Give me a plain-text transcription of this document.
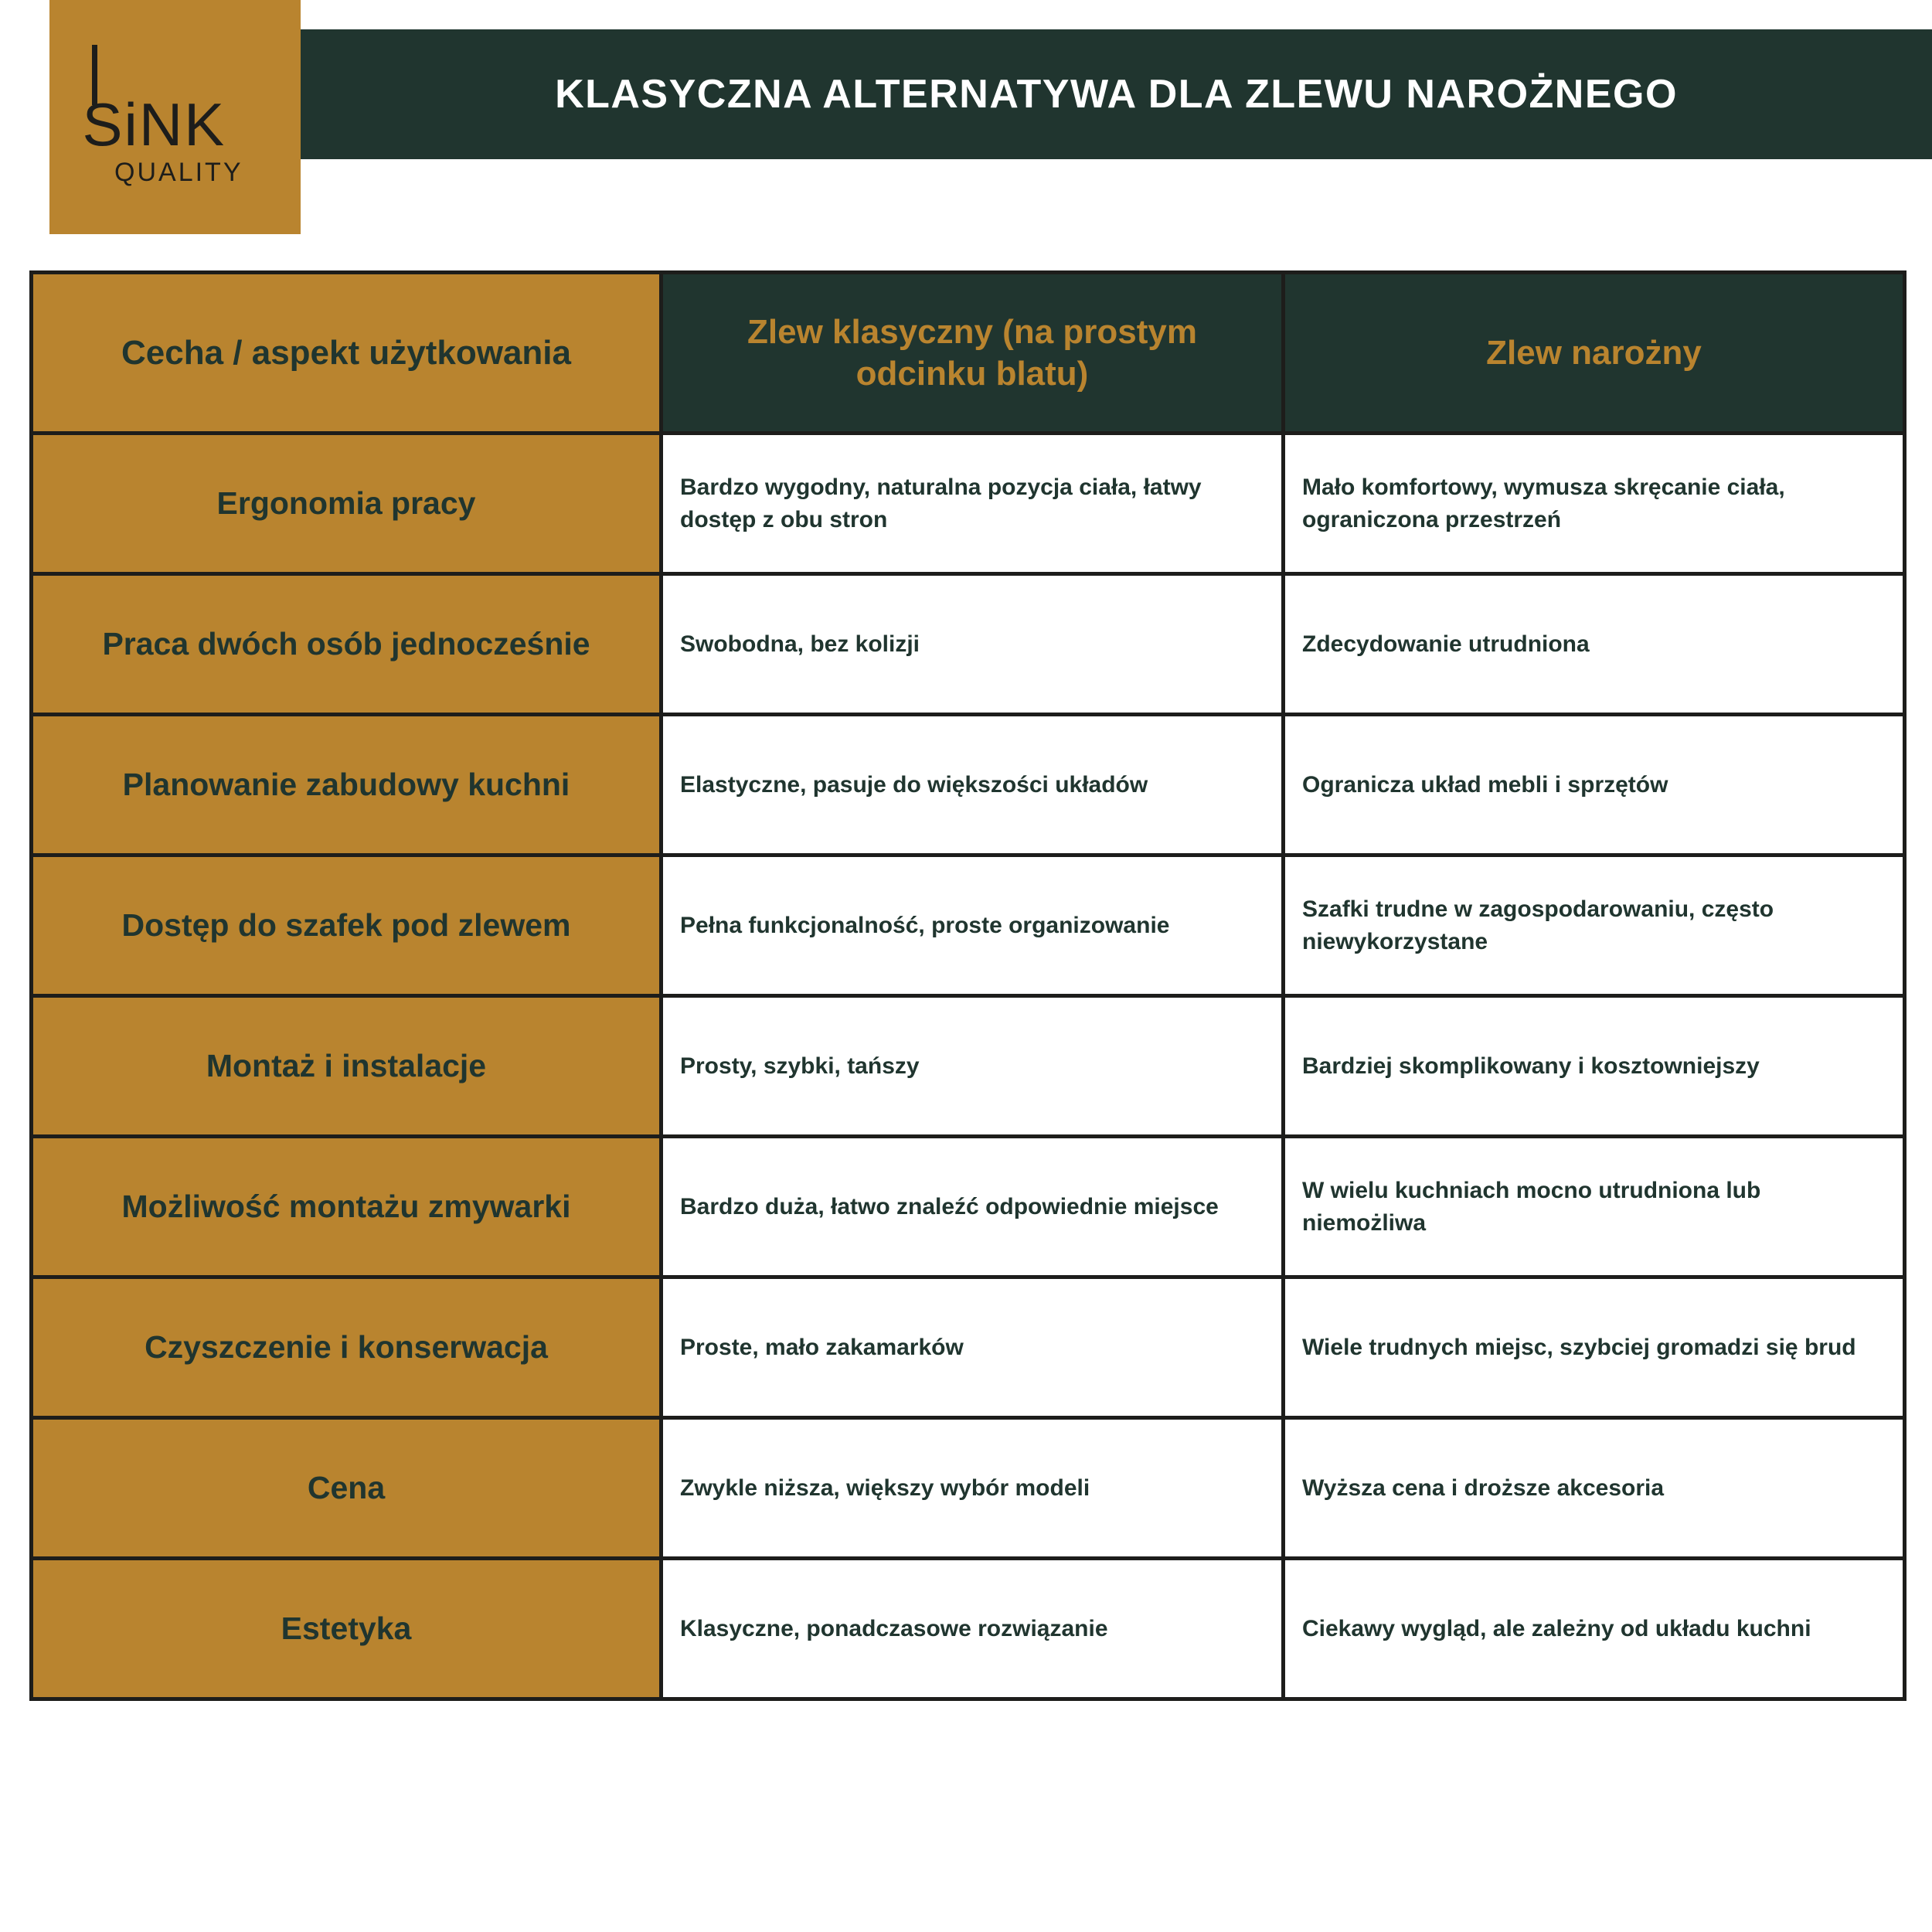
SiNK
QUALITY
KLASYCZNA ALTERNATYWA DLA ZLEWU NAROŻNEGO
Cecha / aspekt użytkowania	Zlew klasyczny (na prostym odcinku blatu)	Zlew narożny
Ergonomia pracy	Bardzo wygodny, naturalna pozycja ciała, łatwy dostęp z obu stron	Mało komfortowy, wymusza skręcanie ciała, ograniczona przestrzeń
Praca dwóch osób jednocześnie	Swobodna, bez kolizji	Zdecydowanie utrudniona
Planowanie zabudowy kuchni	Elastyczne, pasuje do większości układów	Ogranicza układ mebli i sprzętów
Dostęp do szafek pod zlewem	Pełna funkcjonalność, proste organizowanie	Szafki trudne w zagospodarowaniu, często niewykorzystane
Montaż i instalacje	Prosty, szybki, tańszy	Bardziej skomplikowany i kosztowniejszy
Możliwość montażu zmywarki	Bardzo duża, łatwo znaleźć odpowiednie miejsce	W wielu kuchniach mocno utrudniona lub niemożliwa
Czyszczenie i konserwacja	Proste, mało zakamarków	Wiele trudnych miejsc, szybciej gromadzi się brud
Cena	Zwykle niższa, większy wybór modeli	Wyższa cena i droższe akcesoria
Estetyka	Klasyczne, ponadczasowe rozwiązanie	Ciekawy wygląd, ale zależny od układu kuchni
